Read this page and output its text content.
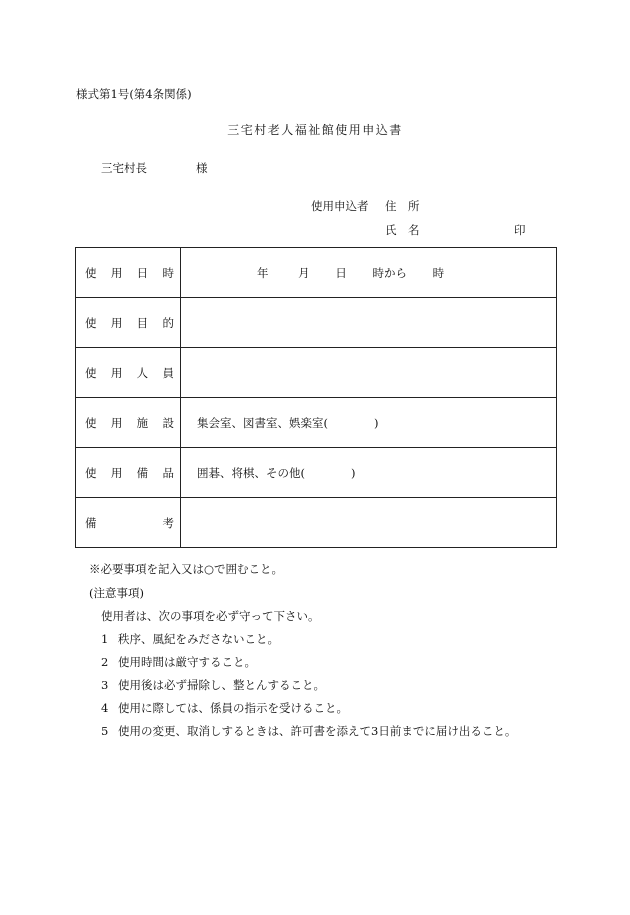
様式第1号(第4条関係)
三宅村老人福祉館使用申込書
三宅村長	様
使用申込者 住　所
氏　名	印
使 用 日 時	年 月 日 時から 時

使 用 目 的	

使 用 人 員	

使 用 施 設	集会室、図書室、娯楽室(　　　　)

使 用 備 品	囲碁、将棋、その他(　　　　)

備 考	

※必要事項を記入又は○で囲むこと。
(注意事項)
使用者は、次の事項を必ず守って下さい。
1 秩序、風紀をみださないこと。
2 使用時間は厳守すること。
3 使用後は必ず掃除し、整とんすること。
4 使用に際しては、係員の指示を受けること。
5 使用の変更、取消しするときは、許可書を添えて3日前までに届け出ること。
